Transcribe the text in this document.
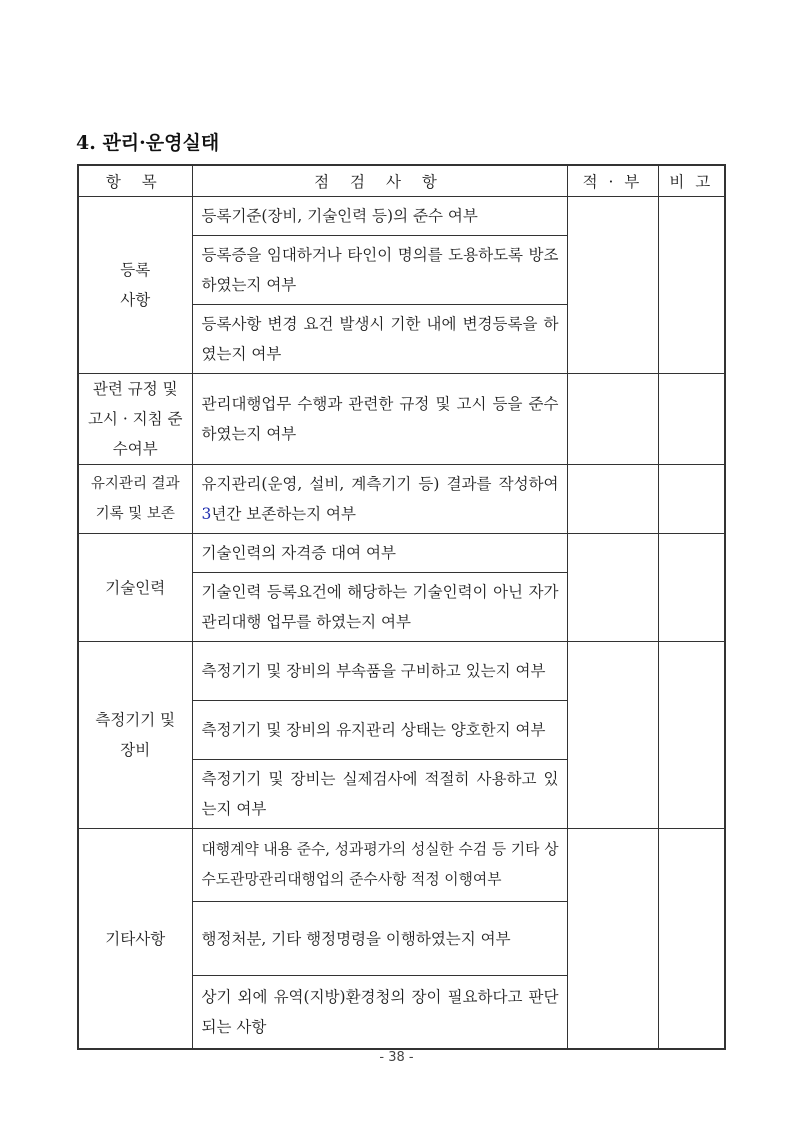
4. 관리·운영실태
항 목	점 검 사 항	적 · 부	비 고
등록
사항	등록기준(장비, 기술인력 등)의 준수 여부		
	등록증을 임대하거나 타인이 명의를 도용하도록 방조하였는지 여부		
	등록사항 변경 요건 발생시 기한 내에 변경등록을 하였는지 여부		
관련 규정 및 고시 · 지침 준수여부	관리대행업무 수행과 관련한 규정 및 고시 등을 준수하였는지 여부		
유지관리 결과 기록 및 보존	유지관리(운영, 설비, 계측기기 등) 결과를 작성하여 3년간 보존하는지 여부		
기술인력	기술인력의 자격증 대여 여부		
	기술인력 등록요건에 해당하는 기술인력이 아닌 자가 관리대행 업무를 하였는지 여부		
측정기기 및 장비	측정기기 및 장비의 부속품을 구비하고 있는지 여부		
	측정기기 및 장비의 유지관리 상태는 양호한지 여부		
	측정기기 및 장비는 실제검사에 적절히 사용하고 있는지 여부		
기타사항	대행계약 내용 준수, 성과평가의 성실한 수검 등 기타 상수도관망관리대행업의 준수사항 적정 이행여부		
	행정처분, 기타 행정명령을 이행하였는지 여부		
	상기 외에 유역(지방)환경청의 장이 필요하다고 판단되는 사항		
- 38 -
